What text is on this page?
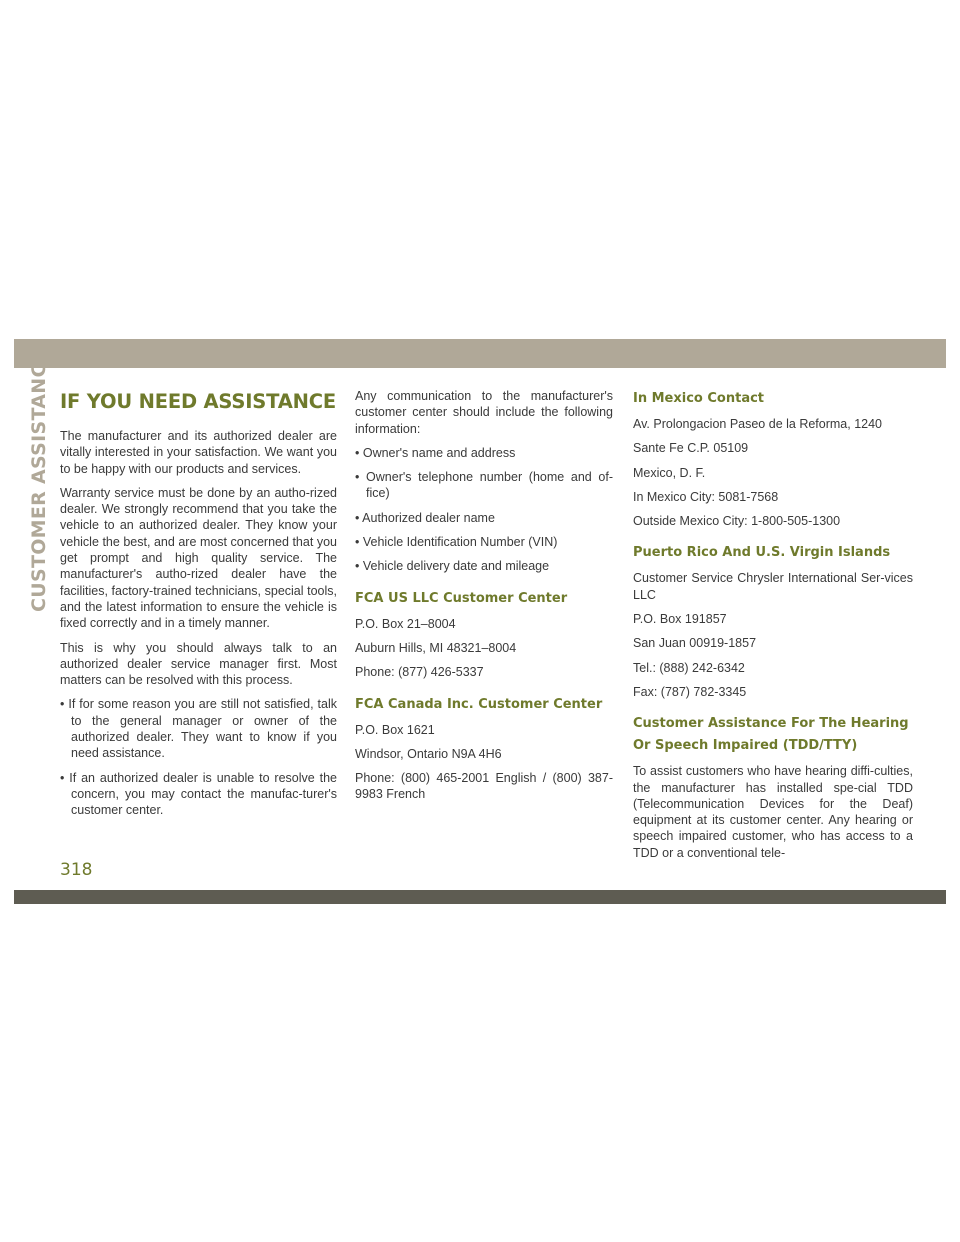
CUSTOMER ASSISTANCE IF YOU NEED ASSISTANCE

The manufacturer and its authorized dealer are vitally interested in your satisfaction. We want you to be happy with our products and services.

Warranty service must be done by an autho-rized dealer. We strongly recommend that you take the vehicle to an authorized dealer. They know your vehicle the best, and are most concerned that you get prompt and high quality service. The manufacturer's autho-rized dealer have the facilities, factory-trained technicians, special tools, and the latest information to ensure the vehicle is fixed correctly and in a timely manner.

This is why you should always talk to an authorized dealer service manager first. Most matters can be resolved with this process.

• If for some reason you are still not satisfied, talk to the general manager or owner of the authorized dealer. They want to know if you need assistance.

• If an authorized dealer is unable to resolve the concern, you may contact the manufac-turer's customer center.

Any communication to the manufacturer's customer center should include the following information:

• Owner's name and address

• Owner's telephone number (home and of-fice)

• Authorized dealer name

• Vehicle Identification Number (VIN)

• Vehicle delivery date and mileage

FCA US LLC Customer Center

P.O. Box 21–8004

Auburn Hills, MI 48321–8004

Phone: (877) 426-5337

FCA Canada Inc. Customer Center

P.O. Box 1621

Windsor, Ontario N9A 4H6

Phone: (800) 465-2001 English / (800) 387-9983 French

In Mexico Contact

Av. Prolongacion Paseo de la Reforma, 1240

Sante Fe C.P. 05109

Mexico, D. F.

In Mexico City: 5081-7568

Outside Mexico City: 1-800-505-1300

Puerto Rico And U.S. Virgin Islands

Customer Service Chrysler International Ser-vices LLC

P.O. Box 191857

San Juan 00919-1857

Tel.: (888) 242-6342

Fax: (787) 782-3345

Customer Assistance For The Hearing Or Speech Impaired (TDD/TTY)

To assist customers who have hearing diffi-culties, the manufacturer has installed spe-cial TDD (Telecommunication Devices for the Deaf) equipment at its customer center. Any hearing or speech impaired customer, who has access to a TDD or a conventional tele-

318
